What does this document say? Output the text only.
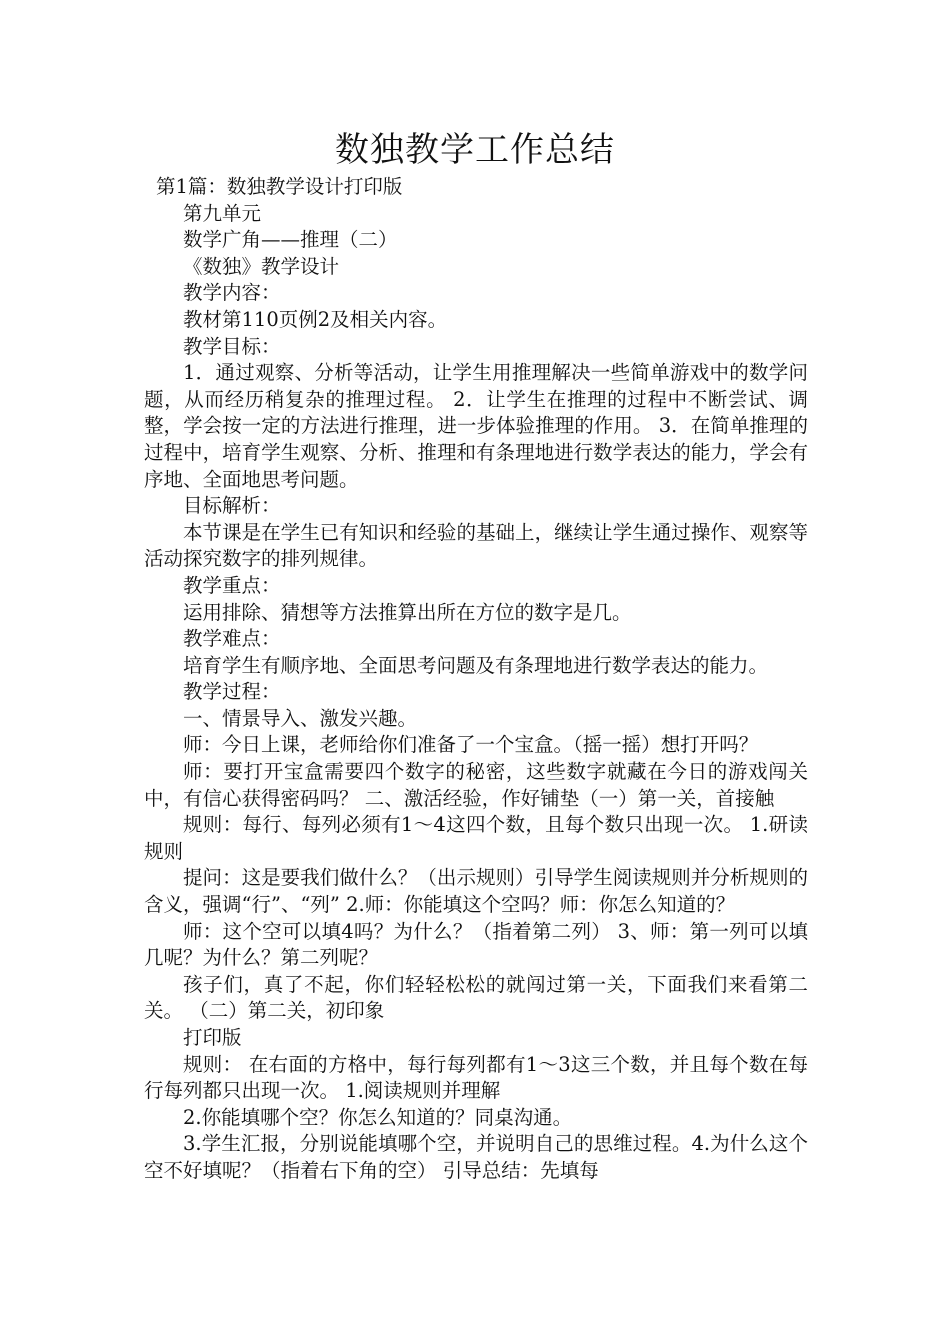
数独教学工作总结

第1篇：数独教学设计打印版

第九单元

数学广角——推理（二）

《数独》教学设计

教学内容：

教材第110页例2及相关内容。

教学目标：

1．通过观察、分析等活动，让学生用推理解决一些简单游戏中的数学问题，从而经历稍复杂的推理过程。 2．让学生在推理的过程中不断尝试、调整，学会按一定的方法进行推理，进一步体验推理的作用。 3．在简单推理的过程中，培育学生观察、分析、推理和有条理地进行数学表达的能力，学会有序地、全面地思考问题。

目标解析：

本节课是在学生已有知识和经验的基础上，继续让学生通过操作、观察等活动探究数字的排列规律。

教学重点：

运用排除、猜想等方法推算出所在方位的数字是几。

教学难点：

培育学生有顺序地、全面思考问题及有条理地进行数学表达的能力。

教学过程：

一、情景导入、激发兴趣。

师：今日上课，老师给你们准备了一个宝盒。（摇一摇）想打开吗？

师：要打开宝盒需要四个数字的秘密，这些数字就藏在今日的游戏闯关中，有信心获得密码吗？ 二、激活经验，作好铺垫（一）第一关，首接触

规则：每行、每列必须有1～4这四个数，且每个数只出现一次。 1.研读规则

提问：这是要我们做什么？（出示规则）引导学生阅读规则并分析规则的含义，强调“行”、“列” 2.师：你能填这个空吗？师：你怎么知道的？

师：这个空可以填4吗？为什么？（指着第二列） 3、师：第一列可以填几呢？为什么？第二列呢？

孩子们，真了不起，你们轻轻松松的就闯过第一关，下面我们来看第二关。 （二）第二关，初印象

打印版

规则： 在右面的方格中，每行每列都有1～3这三个数，并且每个数在每行每列都只出现一次。 1.阅读规则并理解

2.你能填哪个空？你怎么知道的？同桌沟通。

3.学生汇报，分别说能填哪个空，并说明自己的思维过程。4.为什么这个空不好填呢？（指着右下角的空） 引导总结：先填每
